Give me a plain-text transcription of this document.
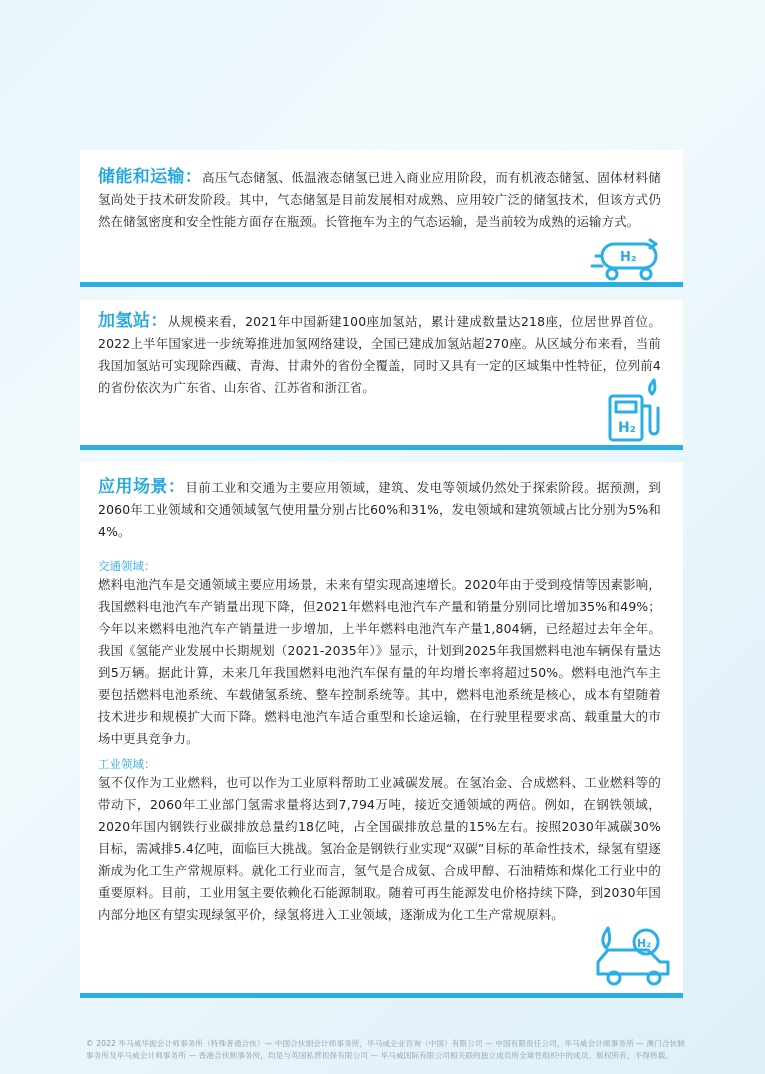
储能和运输：高压气态储氢、低温液态储氢已进入商业应用阶段，而有机液态储氢、固体材料储氢尚处于技术研发阶段。其中，气态储氢是目前发展相对成熟、应用较广泛的储氢技术，但该方式仍然在储氢密度和安全性能方面存在瓶颈。长管拖车为主的气态运输，是当前较为成熟的运输方式。
H₂
加氢站：从规模来看，2021年中国新建100座加氢站，累计建成数量达218座，位居世界首位。2022上半年国家进一步统筹推进加氢网络建设，全国已建成加氢站超270座。从区域分布来看，当前我国加氢站可实现除西藏、青海、甘肃外的省份全覆盖，同时又具有一定的区域集中性特征，位列前4的省份依次为广东省、山东省、江苏省和浙江省。
H₂
应用场景：目前工业和交通为主要应用领域，建筑、发电等领域仍然处于探索阶段。据预测，到2060年工业领域和交通领域氢气使用量分别占比60%和31%，发电领域和建筑领域占比分别为5%和4%。
交通领域：
燃料电池汽车是交通领域主要应用场景，未来有望实现高速增长。2020年由于受到疫情等因素影响，我国燃料电池汽车产销量出现下降，但2021年燃料电池汽车产量和销量分别同比增加35%和49%；今年以来燃料电池汽车产销量进一步增加，上半年燃料电池汽车产量1,804辆，已经超过去年全年。我国《氢能产业发展中长期规划（2021-2035年）》显示，计划到2025年我国燃料电池车辆保有量达到5万辆。据此计算，未来几年我国燃料电池汽车保有量的年均增长率将超过50%。燃料电池汽车主要包括燃料电池系统、车载储氢系统、整车控制系统等。其中，燃料电池系统是核心，成本有望随着技术进步和规模扩大而下降。燃料电池汽车适合重型和长途运输，在行驶里程要求高、载重量大的市场中更具竞争力。
工业领域：
氢不仅作为工业燃料，也可以作为工业原料帮助工业减碳发展。在氢冶金、合成燃料、工业燃料等的带动下，2060年工业部门氢需求量将达到7,794万吨，接近交通领域的两倍。例如，在钢铁领域，2020年国内钢铁行业碳排放总量约18亿吨，占全国碳排放总量的15%左右。按照2030年减碳30%目标，需减排5.4亿吨，面临巨大挑战。氢冶金是钢铁行业实现“双碳”目标的革命性技术，绿氢有望逐渐成为化工生产常规原料。就化工行业而言，氢气是合成氨、合成甲醇、石油精炼和煤化工行业中的重要原料。目前，工业用氢主要依赖化石能源制取。随着可再生能源发电价格持续下降，到2030年国内部分地区有望实现绿氢平价，绿氢将进入工业领域，逐渐成为化工生产常规原料。
H₂
© 2022 毕马威华振会计师事务所（特殊普通合伙）— 中国合伙制会计师事务所，毕马威企业咨询（中国）有限公司 — 中国有限责任公司，毕马威会计师事务所 — 澳门合伙制事务所及毕马威会计师事务所 — 香港合伙制事务所，均是与英国私营担保有限公司 — 毕马威国际有限公司相关联的独立成员所全球性组织中的成员。版权所有，不得转载。
